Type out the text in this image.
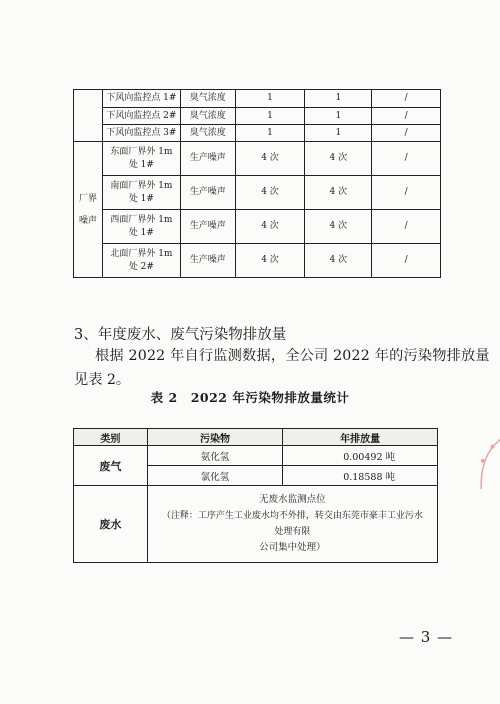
	下风向监控点 1#	臭气浓度	1	1	/
	下风向监控点 2#	臭气浓度	1	1	/
	下风向监控点 3#	臭气浓度	1	1	/
厂界噪声	东面厂界外 1m 处 1#	生产噪声	4 次	4 次	/
	南面厂界外 1m 处 1#	生产噪声	4 次	4 次	/
	西面厂界外 1m 处 1#	生产噪声	4 次	4 次	/
	北面厂界外 1m 处 2#	生产噪声	4 次	4 次	/
3、年度废水、废气污染物排放量
根据 2022 年自行监测数据，全公司 2022 年的污染物排放量
见表 2。
表 2　2022 年污染物排放量统计
类别	污染物	年排放量
废气	氨化氢	0.00492 吨
	氯化氢	0.18588 吨
废水	无废水监测点位
（注释：工序产生工业废水均不外排，转交由东莞市豪丰工业污水处理有限
公司集中处理）	
— 3 —
